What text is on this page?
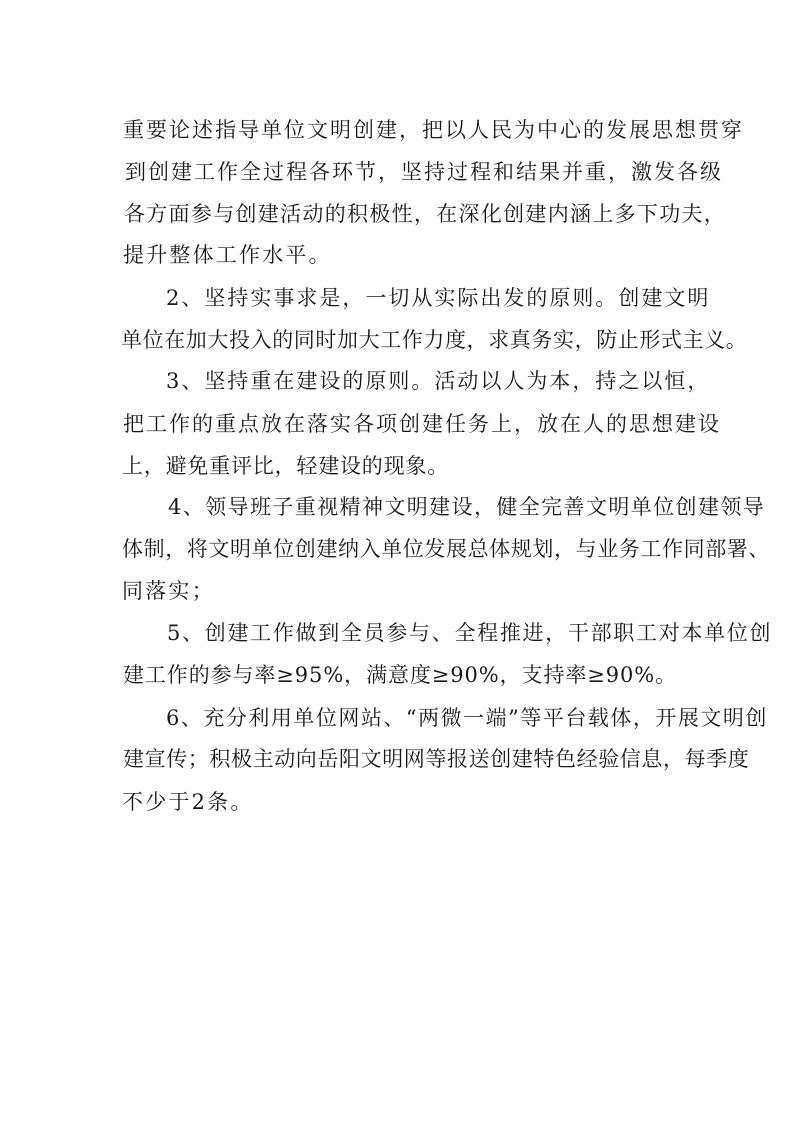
重要论述指导单位文明创建，把以人民为中心的发展思想贯穿
到创建工作全过程各环节，坚持过程和结果并重，激发各级
各方面参与创建活动的积极性，在深化创建内涵上多下功夫，
提升整体工作水平。
2、坚持实事求是，一切从实际出发的原则。创建文明
单位在加大投入的同时加大工作力度，求真务实，防止形式主义。
3、坚持重在建设的原则。活动以人为本，持之以恒，
把工作的重点放在落实各项创建任务上，放在人的思想建设
上，避免重评比，轻建设的现象。
4、领导班子重视精神文明建设，健全完善文明单位创建领导
体制，将文明单位创建纳入单位发展总体规划，与业务工作同部署、
同落实；
5、创建工作做到全员参与、全程推进，干部职工对本单位创
建工作的参与率≥95%，满意度≥90%，支持率≥90%。
6、充分利用单位网站、“两微一端”等平台载体，开展文明创
建宣传；积极主动向岳阳文明网等报送创建特色经验信息，每季度
不少于2条。
